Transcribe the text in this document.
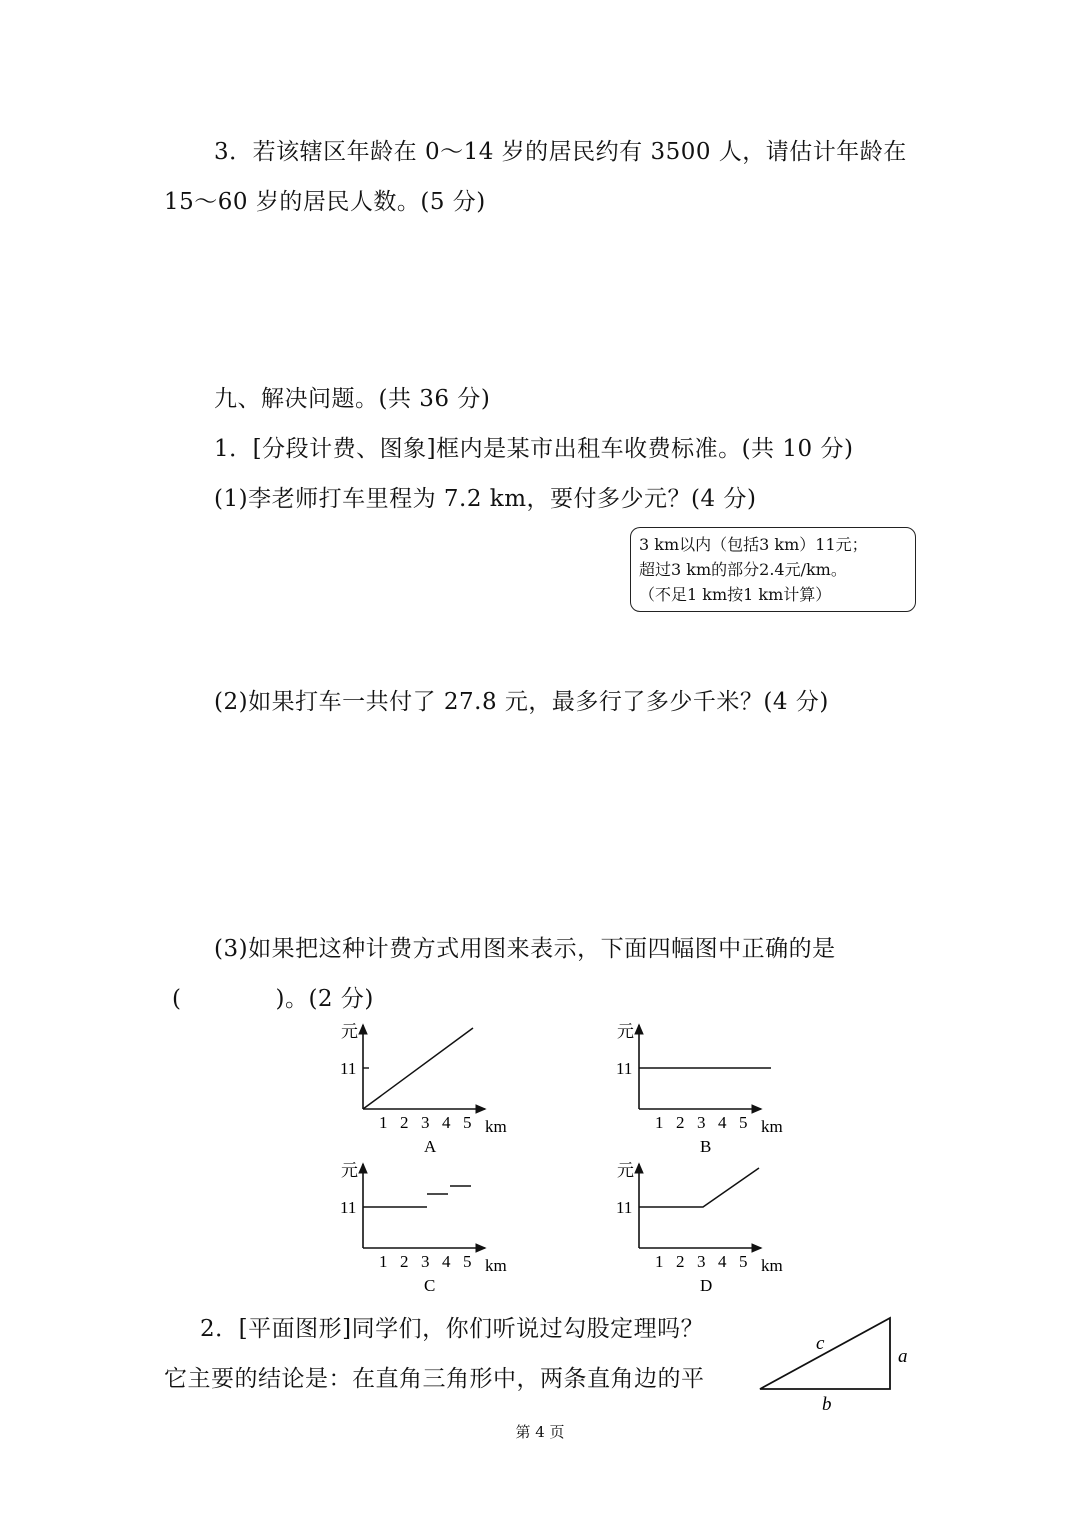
3．若该辖区年龄在 0～14 岁的居民约有 3500 人，请估计年龄在
15～60 岁的居民人数。(5 分)
九、解决问题。(共 36 分)
1．[分段计费、图象]框内是某市出租车收费标准。(共 10 分)
(1)李老师打车里程为 7.2 km，要付多少元？(4 分)
3 km以内（包括3 km）11元；
超过3 km的部分2.4元/km。
（不足1 km按1 km计算）
(2)如果打车一共付了 27.8 元，最多行了多少千米？(4 分)
(3)如果把这种计费方式用图来表示，下面四幅图中正确的是
(　　　　)。(2 分)
元
11
1 2 3 4 5 km
A
元
11
1 2 3 4 5 km
B
元
11
1 2 3 4 5 km
C
元
11
1 2 3 4 5 km
D
c
a
b
2．[平面图形]同学们，你们听说过勾股定理吗？
它主要的结论是：在直角三角形中，两条直角边的平
第 4 页
